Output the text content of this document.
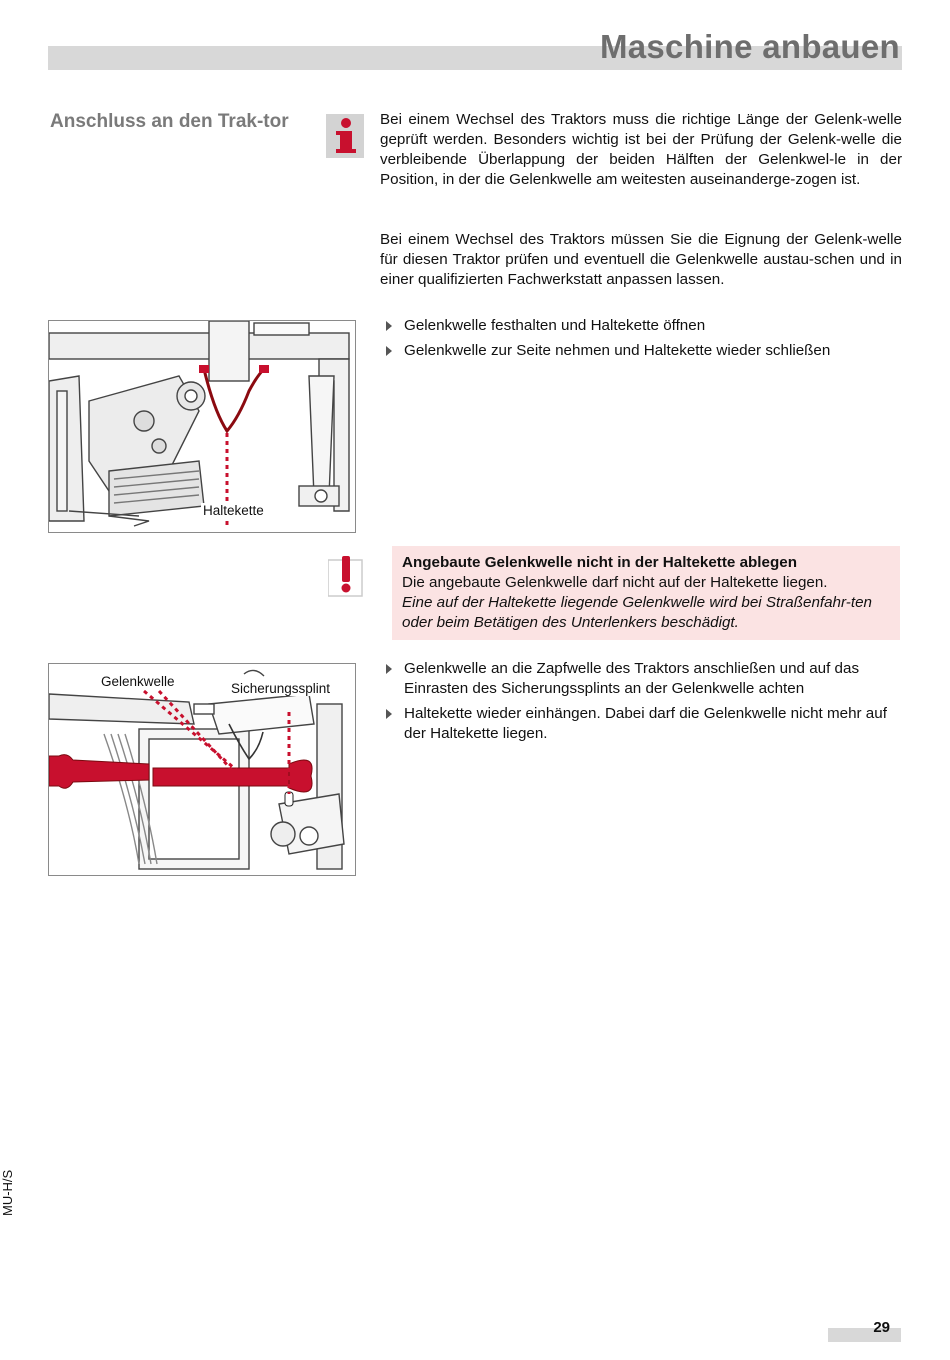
Maschine anbauen
Anschluss an den Trak-tor	Bei einem Wechsel des Traktors muss die richtige Länge der Gelenk-welle geprüft werden. Besonders wichtig ist bei der Prüfung der Gelenk-welle die verbleibende Überlappung der beiden Hälften der Gelenkwel-le in der Position, in der die Gelenkwelle am weitesten auseinanderge-zogen ist.

Bei einem Wechsel des Traktors müssen Sie die Eignung der Gelenk-welle für diesen Traktor prüfen und eventuell die Gelenkwelle austau-schen und in einer qualifizierten Fachwerkstatt anpassen lassen.

Gelenkwelle festhalten und Haltekette öffnen
Gelenkwelle zur Seite nehmen und Haltekette wieder schließen
Haltekette
Angebaute Gelenkwelle nicht in der Haltekette ablegen
Die angebaute Gelenkwelle darf nicht auf der Haltekette liegen.
Eine auf der Haltekette liegende Gelenkwelle wird bei Straßenfahr-ten oder beim Betätigen des Unterlenkers beschädigt.
Gelenkwelle	Sicherungssplint
Gelenkwelle an die Zapfwelle des Traktors anschließen und auf das Einrasten des Sicherungssplints an der Gelenkwelle achten
Haltekette wieder einhängen. Dabei darf die Gelenkwelle nicht mehr auf der Haltekette liegen.
MU-H/S
29
